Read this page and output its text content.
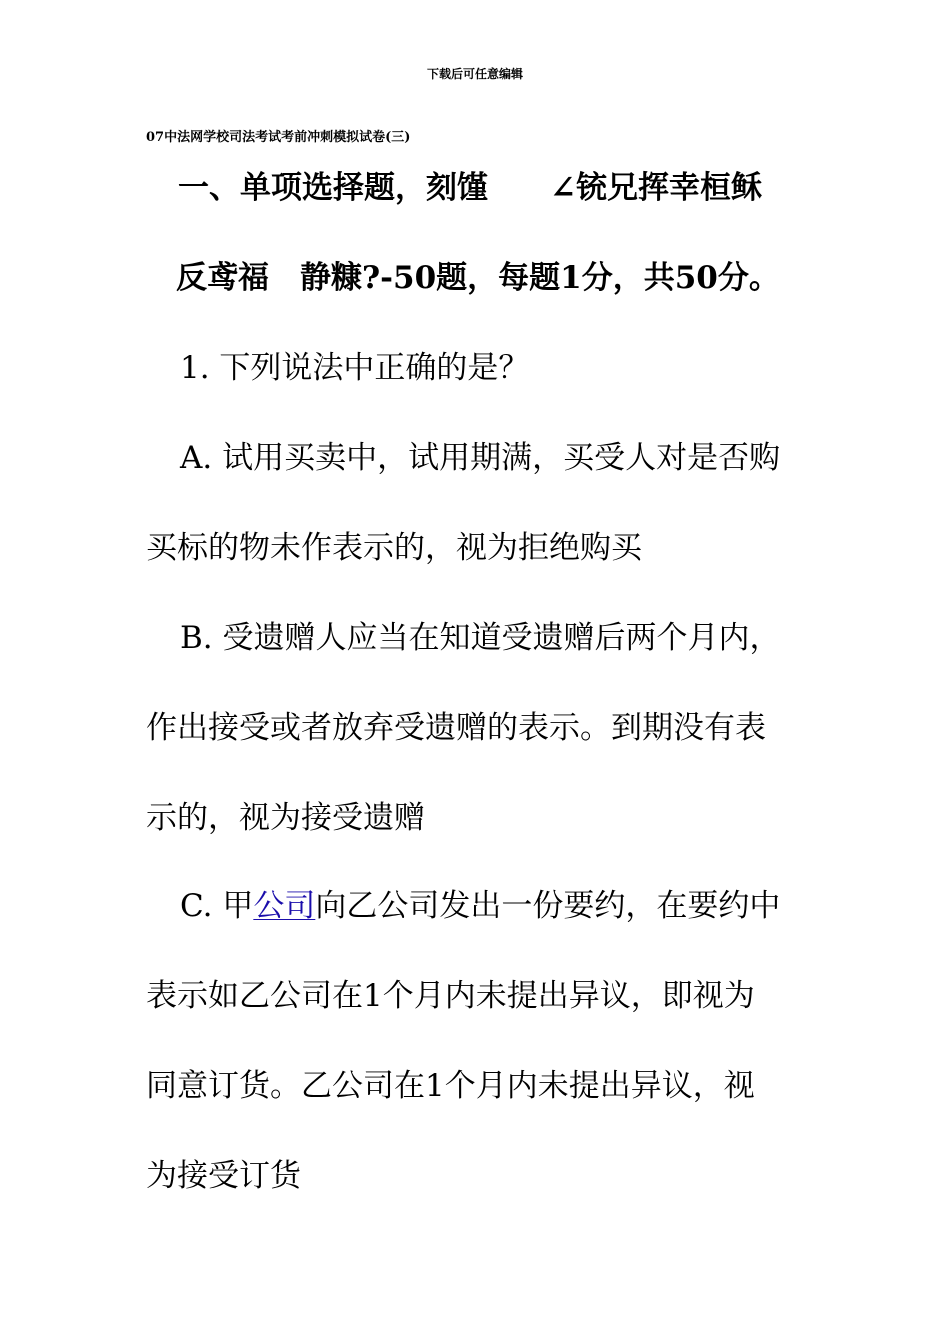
下载后可任意编辑
07中法网学校司法考试考前冲刺模拟试卷(三)
一、单项选择题，刻馑　　∠铳兄挥幸桓稣
反鸢福　静糠?-50题，每题1分，共50分。
1. 下列说法中正确的是？
A. 试用买卖中，试用期满，买受人对是否购
买标的物未作表示的，视为拒绝购买
B. 受遗赠人应当在知道受遗赠后两个月内，
作出接受或者放弃受遗赠的表示。到期没有表
示的，视为接受遗赠
C. 甲公司向乙公司发出一份要约，在要约中
表示如乙公司在1个月内未提出异议，即视为
同意订货。乙公司在1个月内未提出异议，视
为接受订货
